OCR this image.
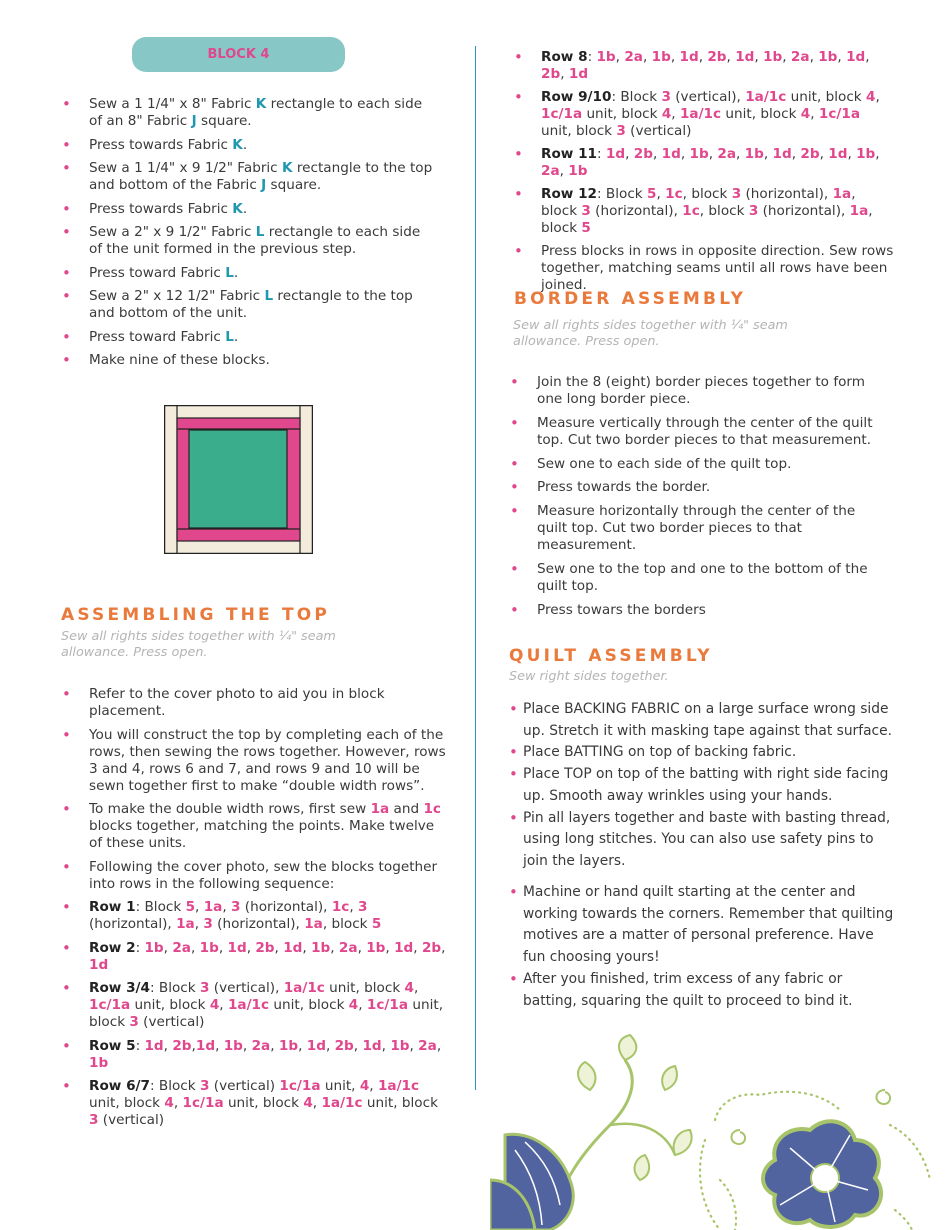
BLOCK 4
• Sew a 1 1/4" x 8" Fabric K rectangle to each side of an 8" Fabric J square.
• Press towards Fabric K.
• Sew a 1 1/4" x 9 1/2" Fabric K rectangle to the top and bottom of the Fabric J square.
• Press towards Fabric K.
• Sew a 2" x 9 1/2" Fabric L rectangle to each side of the unit formed in the previous step.
• Press toward Fabric L.
• Sew a 2" x 12 1/2" Fabric L rectangle to the top and bottom of the unit.
• Press toward Fabric L.
• Make nine of these blocks.
ASSEMBLING THE TOP

Sew all rights sides together with ¼" seam allowance. Press open.

• Refer to the cover photo to aid you in block placement.
• You will construct the top by completing each of the rows, then sewing the rows together. However, rows 3 and 4, rows 6 and 7, and rows 9 and 10 will be sewn together first to make “double width rows”.
• To make the double width rows, first sew 1a and 1c blocks together, matching the points. Make twelve of these units.
• Following the cover photo, sew the blocks together into rows in the following sequence:
• Row 1: Block 5, 1a, 3 (horizontal), 1c, 3 (horizontal), 1a, 3 (horizontal), 1a, block 5
• Row 2: 1b, 2a, 1b, 1d, 2b, 1d, 1b, 2a, 1b, 1d, 2b, 1d
• Row 3/4: Block 3 (vertical), 1a/1c unit, block 4, 1c/1a unit, block 4, 1a/1c unit, block 4, 1c/1a unit, block 3 (vertical)
• Row 5: 1d, 2b,1d, 1b, 2a, 1b, 1d, 2b, 1d, 1b, 2a, 1b
• Row 6/7: Block 3 (vertical) 1c/1a unit, 4, 1a/1c unit, block 4, 1c/1a unit, block 4, 1a/1c unit, block 3 (vertical)
• Row 8: 1b, 2a, 1b, 1d, 2b, 1d, 1b, 2a, 1b, 1d, 2b, 1d
• Row 9/10: Block 3 (vertical), 1a/1c unit, block 4, 1c/1a unit, block 4, 1a/1c unit, block 4, 1c/1a unit, block 3 (vertical)
• Row 11: 1d, 2b, 1d, 1b, 2a, 1b, 1d, 2b, 1d, 1b, 2a, 1b
• Row 12: Block 5, 1c, block 3 (horizontal), 1a, block 3 (horizontal), 1c, block 3 (horizontal), 1a, block 5
• Press blocks in rows in opposite direction. Sew rows together, matching seams until all rows have been joined.
BORDER ASSEMBLY

Sew all rights sides together with ¼" seam allowance. Press open.

• Join the 8 (eight) border pieces together to form one long border piece.
• Measure vertically through the center of the quilt top. Cut two border pieces to that measurement.
• Sew one to each side of the quilt top.
• Press towards the border.
• Measure horizontally through the center of the quilt top. Cut two border pieces to that measurement.
• Sew one to the top and one to the bottom of the quilt top.
• Press towars the borders
QUILT ASSEMBLY

Sew right sides together.

• Place BACKING FABRIC on a large surface wrong side up. Stretch it with masking tape against that surface.
• Place BATTING on top of backing fabric.
• Place TOP on top of the batting with right side facing up. Smooth away wrinkles using your hands.
• Pin all layers together and baste with basting thread, using long stitches. You can also use safety pins to join the layers.
• Machine or hand quilt starting at the center and working towards the corners. Remember that quilting motives are a matter of personal preference. Have fun choosing yours!
• After you finished, trim excess of any fabric or batting, squaring the quilt to proceed to bind it.
